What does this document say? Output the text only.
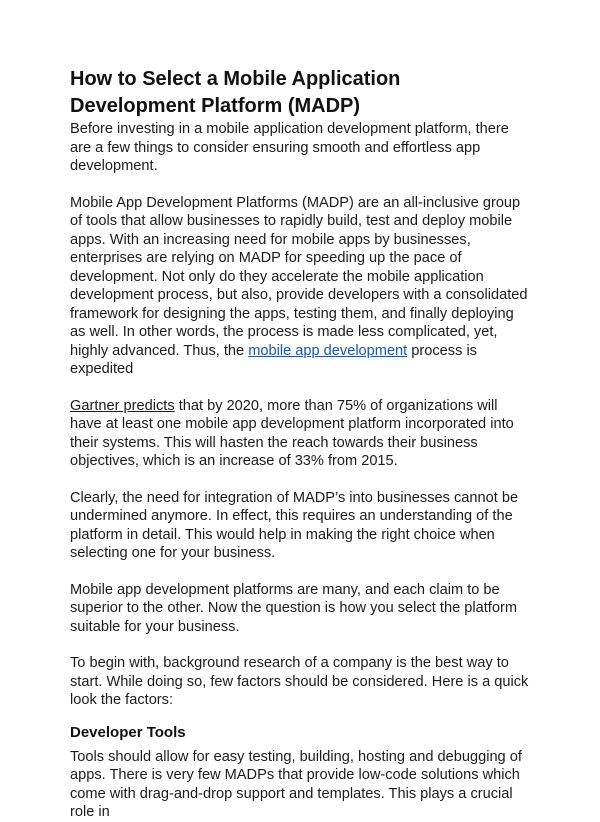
How to Select a Mobile Application Development Platform (MADP)

Before investing in a mobile application development platform, there are a few things to consider ensuring smooth and effortless app development.

Mobile App Development Platforms (MADP) are an all-inclusive group of tools that allow businesses to rapidly build, test and deploy mobile apps. With an increasing need for mobile apps by businesses, enterprises are relying on MADP for speeding up the pace of development. Not only do they accelerate the mobile application development process, but also, provide developers with a consolidated framework for designing the apps, testing them, and finally deploying as well. In other words, the process is made less complicated, yet, highly advanced. Thus, the mobile app development process is expedited

Gartner predicts that by 2020, more than 75% of organizations will have at least one mobile app development platform incorporated into their systems. This will hasten the reach towards their business objectives, which is an increase of 33% from 2015.

Clearly, the need for integration of MADP’s into businesses cannot be undermined anymore. In effect, this requires an understanding of the platform in detail. This would help in making the right choice when selecting one for your business.

Mobile app development platforms are many, and each claim to be superior to the other. Now the question is how you select the platform suitable for your business.

To begin with, background research of a company is the best way to start. While doing so, few factors should be considered. Here is a quick look the factors:

Developer Tools

Tools should allow for easy testing, building, hosting and debugging of apps. There is very few MADPs that provide low-code solutions which come with drag-and-drop support and templates. This plays a crucial role in
